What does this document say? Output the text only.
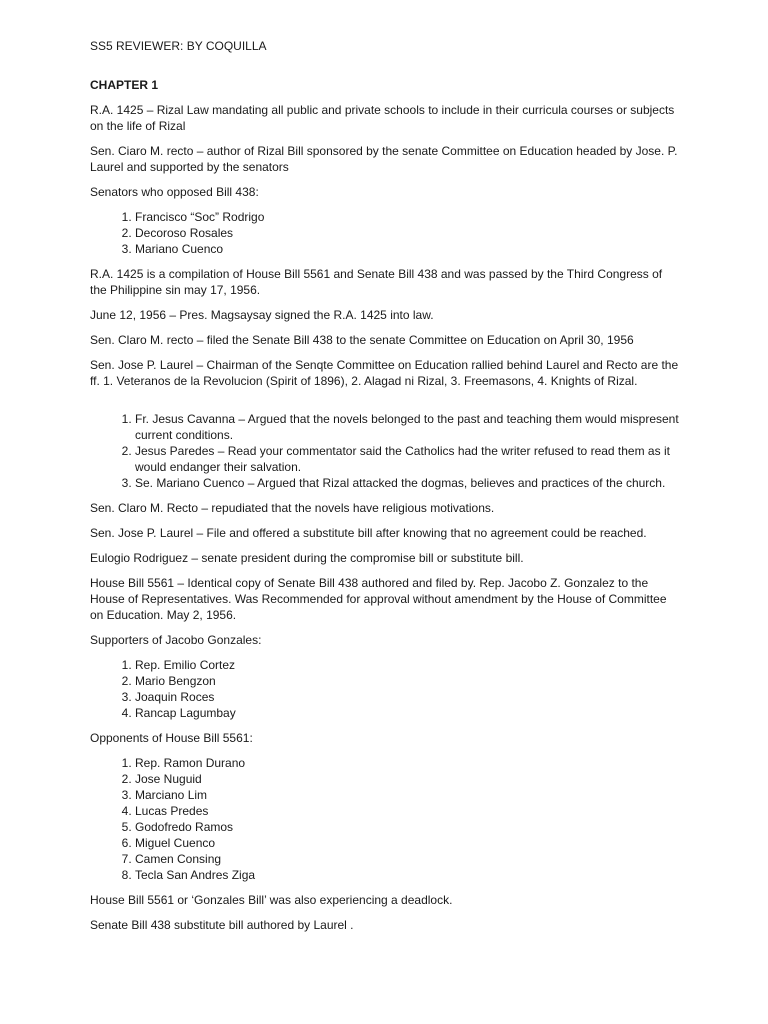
SS5 REVIEWER: BY COQUILLA
CHAPTER 1

R.A. 1425 – Rizal Law mandating all public and private schools to include in their curricula courses or subjects on the life of Rizal

Sen. Ciaro M. recto – author of Rizal Bill sponsored by the senate Committee on Education headed by Jose. P. Laurel and supported by the senators

Senators who opposed Bill 438:

1. Francisco “Soc” Rodrigo
2. Decoroso Rosales
3. Mariano Cuenco

R.A. 1425 is a compilation of House Bill 5561 and Senate Bill 438 and was passed by the Third Congress of the Philippine sin may 17, 1956.

June 12, 1956 – Pres. Magsaysay signed the R.A. 1425 into law.

Sen. Claro M. recto – filed the Senate Bill 438 to the senate Committee on Education on April 30, 1956

Sen. Jose P. Laurel – Chairman of the Senqte Committee on Education rallied behind Laurel and Recto are the ff. 1. Veteranos de la Revolucion (Spirit of 1896), 2. Alagad ni Rizal, 3. Freemasons, 4. Knights of Rizal.

1. Fr. Jesus Cavanna – Argued that the novels belonged to the past and teaching them would mispresent current conditions.
2. Jesus Paredes – Read your commentator said the Catholics had the writer refused to read them as it would endanger their salvation.
3. Se. Mariano Cuenco – Argued that Rizal attacked the dogmas, believes and practices of the church.

Sen. Claro M. Recto – repudiated that the novels have religious motivations.

Sen. Jose P. Laurel – File and offered a substitute bill after knowing that no agreement could be reached.

Eulogio Rodriguez – senate president during the compromise bill or substitute bill.

House Bill 5561 – Identical copy of Senate Bill 438 authored and filed by. Rep. Jacobo Z. Gonzalez to the House of Representatives. Was Recommended for approval without amendment by the House of Committee on Education. May 2, 1956.

Supporters of Jacobo Gonzales:

1. Rep. Emilio Cortez
2. Mario Bengzon
3. Joaquin Roces
4. Rancap Lagumbay

Opponents of House Bill 5561:

1. Rep. Ramon Durano
2. Jose Nuguid
3. Marciano Lim
4. Lucas Predes
5. Godofredo Ramos
6. Miguel Cuenco
7. Camen Consing
8. Tecla San Andres Ziga

House Bill 5561 or ‘Gonzales Bill’ was also experiencing a deadlock.

Senate Bill 438 substitute bill authored by Laurel .
